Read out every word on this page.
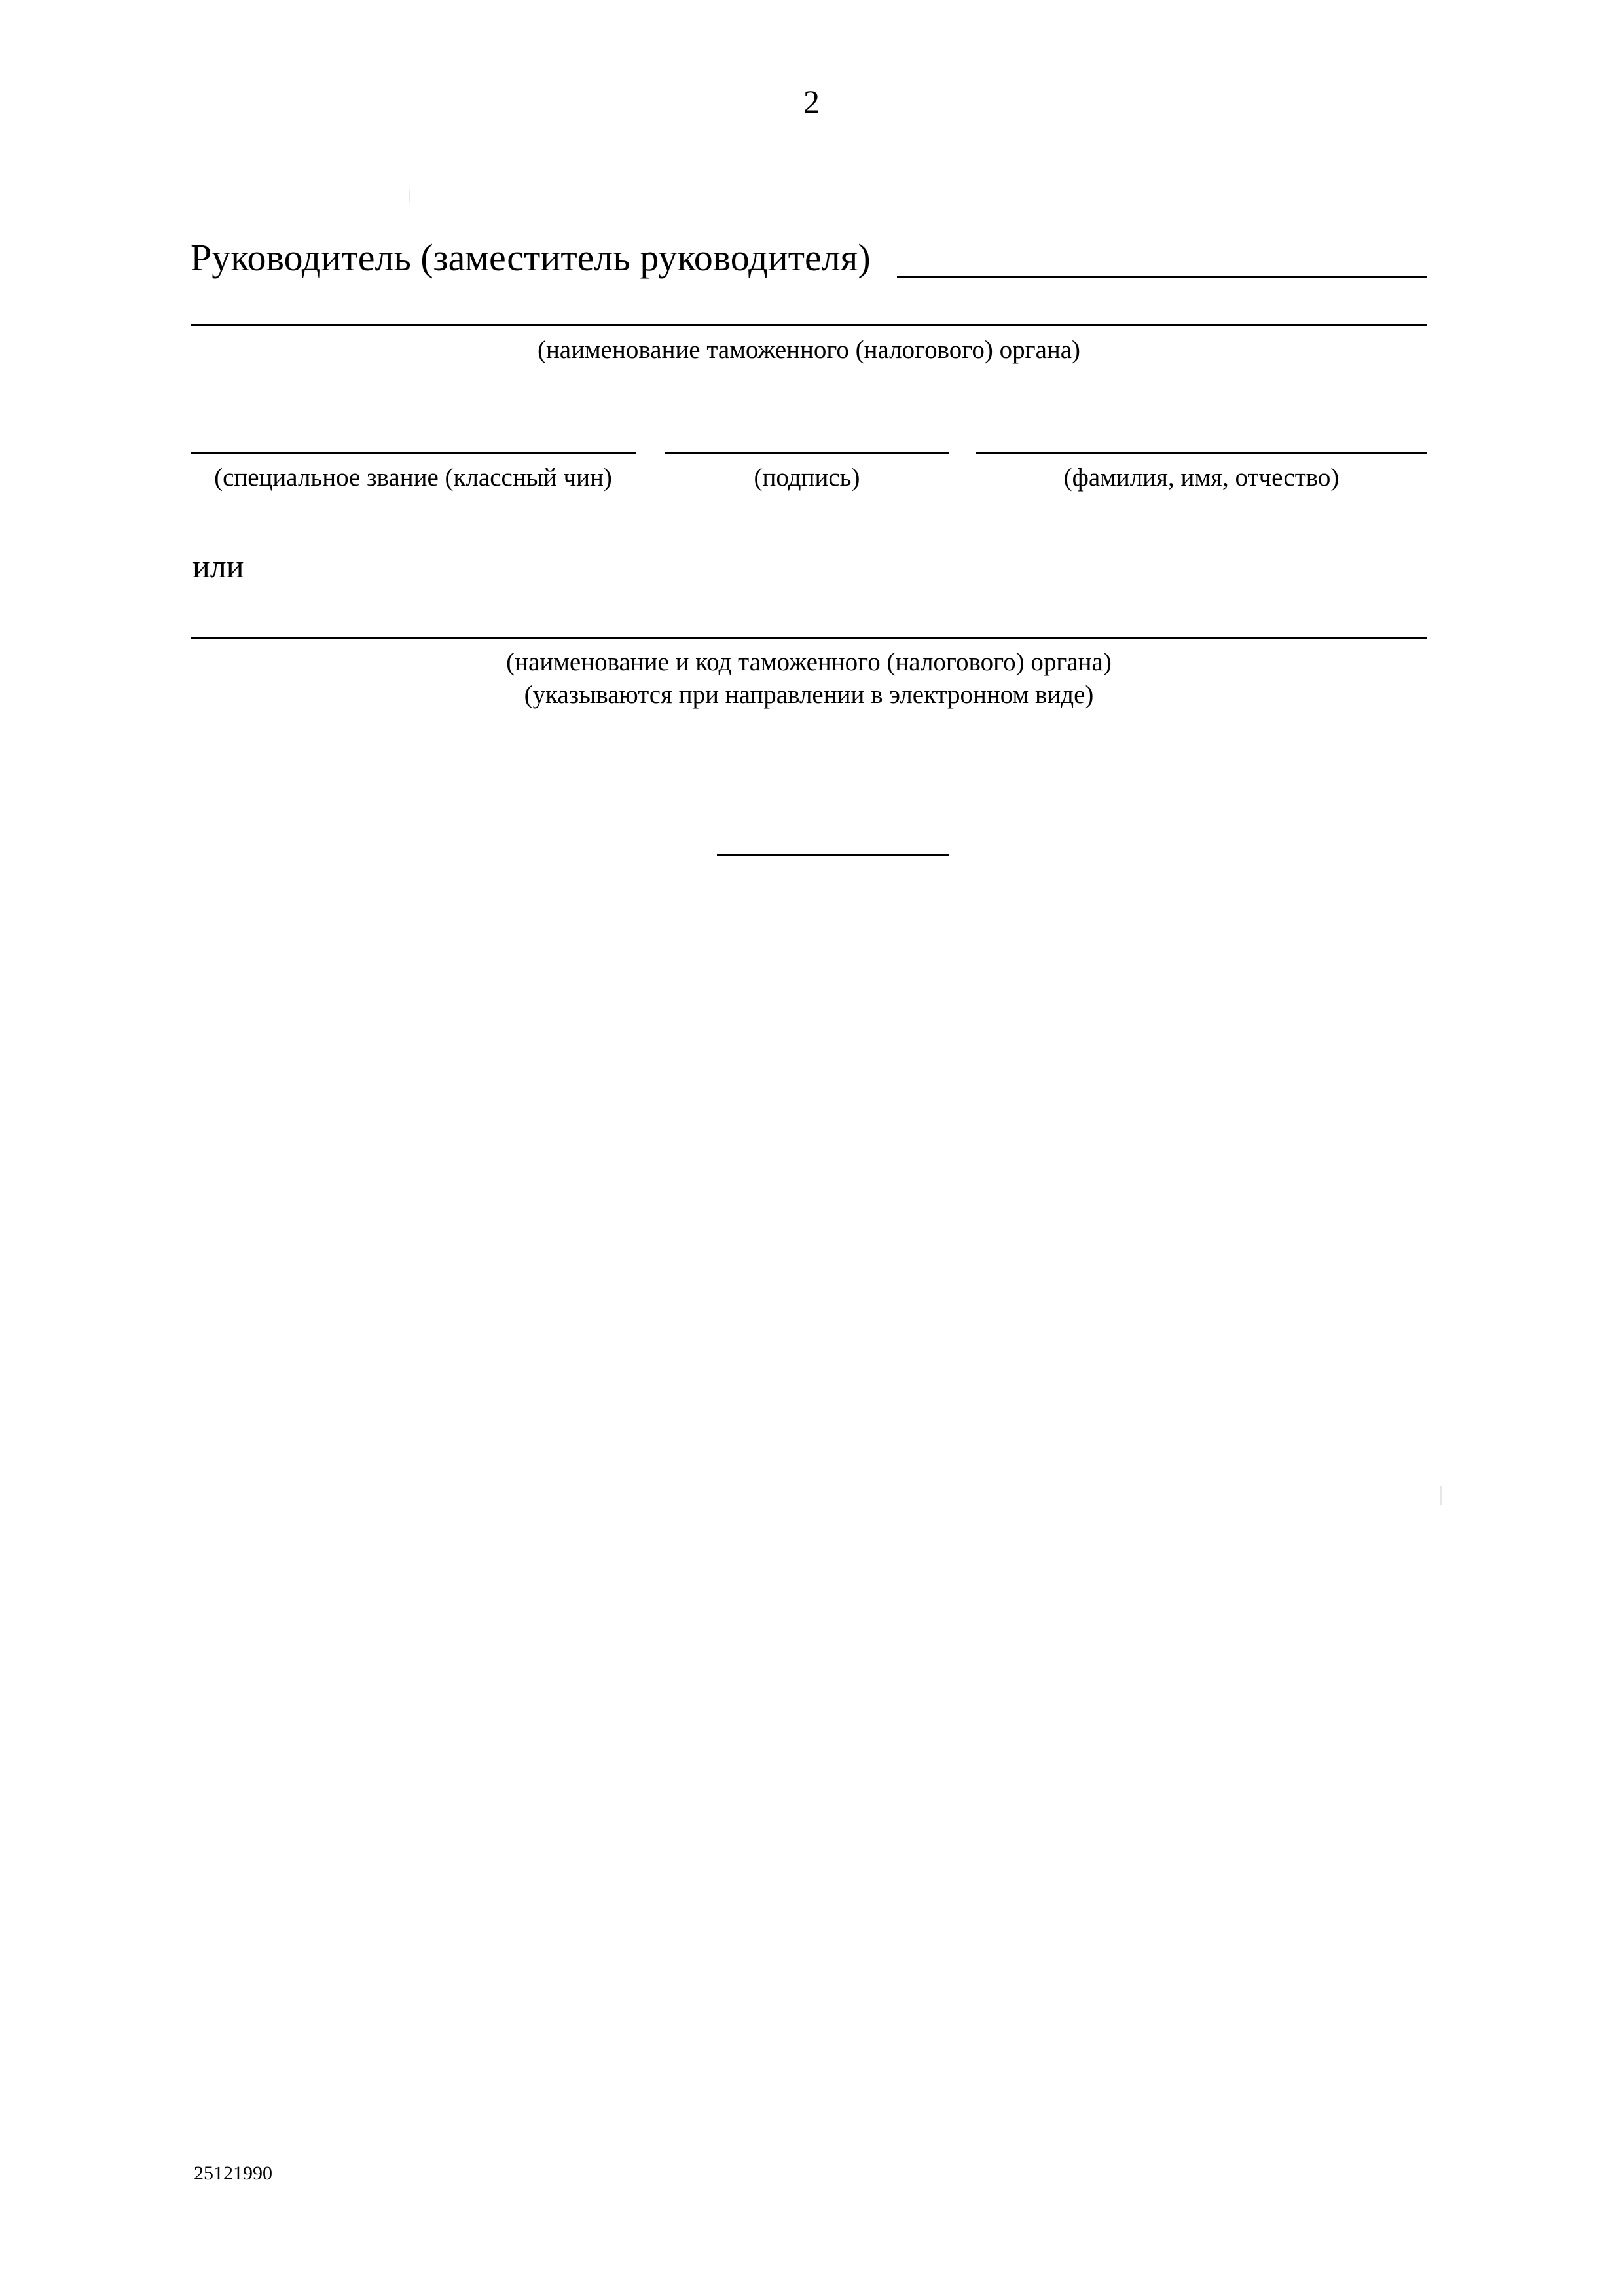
2
Руководитель (заместитель руководителя)
(наименование таможенного (налогового) органа)
(специальное звание (классный чин)	(подпись)	(фамилия, имя, отчество)
или
(наименование и код таможенного (налогового) органа)
(указываются при направлении в электронном виде)
25121990
